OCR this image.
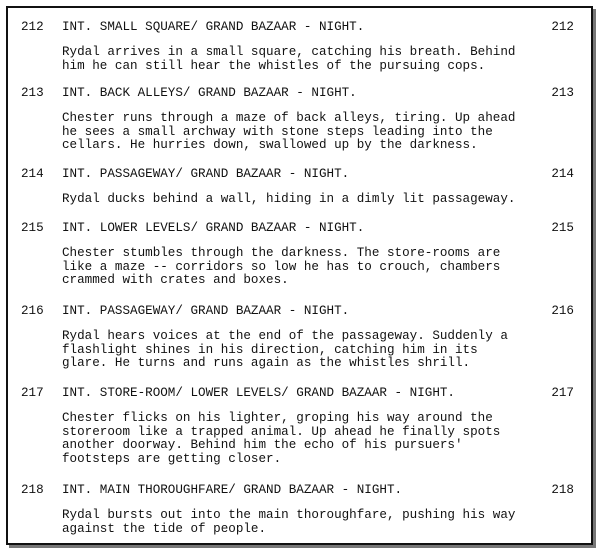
212 INT. SMALL SQUARE/ GRAND BAZAAR - NIGHT.	212
Rydal arrives in a small square, catching his breath. Behind
him he can still hear the whistles of the pursuing cops.
213 INT. BACK ALLEYS/ GRAND BAZAAR - NIGHT.	213
Chester runs through a maze of back alleys, tiring. Up ahead
he sees a small archway with stone steps leading into the
cellars. He hurries down, swallowed up by the darkness.
214 INT. PASSAGEWAY/ GRAND BAZAAR - NIGHT.	214
Rydal ducks behind a wall, hiding in a dimly lit passageway.
215 INT. LOWER LEVELS/ GRAND BAZAAR - NIGHT.	215
Chester stumbles through the darkness. The store-rooms are
like a maze -- corridors so low he has to crouch, chambers
crammed with crates and boxes.
216 INT. PASSAGEWAY/ GRAND BAZAAR - NIGHT.	216
Rydal hears voices at the end of the passageway. Suddenly a
flashlight shines in his direction, catching him in its
glare. He turns and runs again as the whistles shrill.
217 INT. STORE-ROOM/ LOWER LEVELS/ GRAND BAZAAR - NIGHT.	217
Chester flicks on his lighter, groping his way around the
storeroom like a trapped animal. Up ahead he finally spots
another doorway. Behind him the echo of his pursuers'
footsteps are getting closer.
218 INT. MAIN THOROUGHFARE/ GRAND BAZAAR - NIGHT.	218
Rydal bursts out into the main thoroughfare, pushing his way
against the tide of people.
